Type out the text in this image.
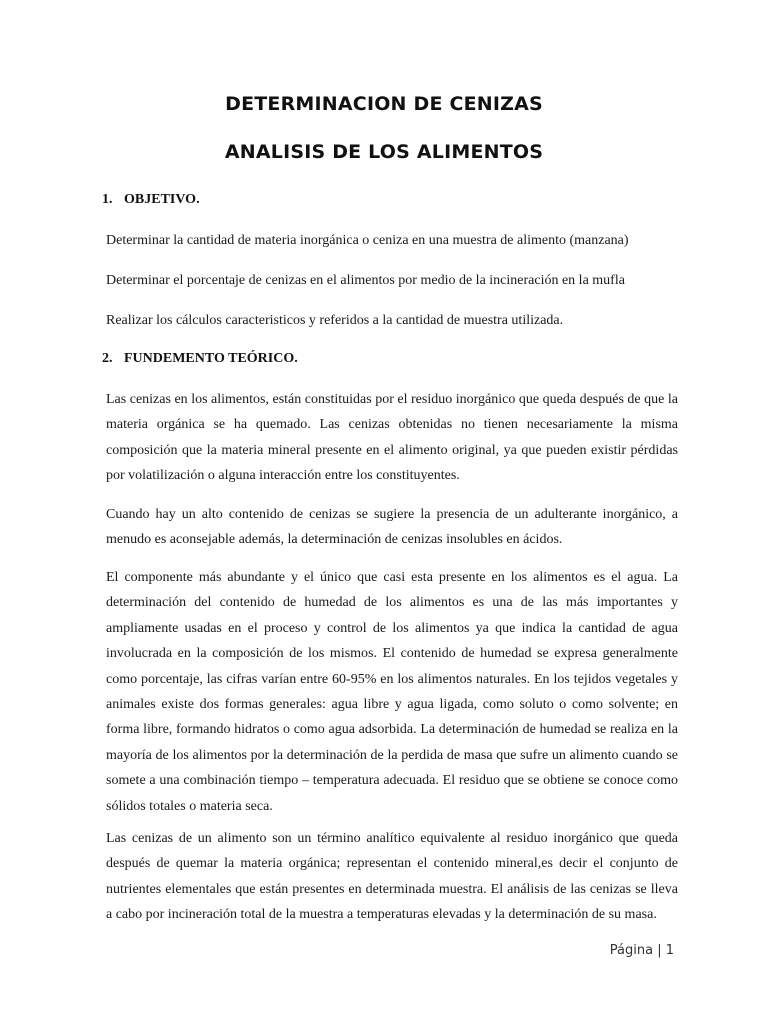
DETERMINACION DE CENIZAS
ANALISIS DE LOS ALIMENTOS
1. OBJETIVO.
Determinar la cantidad de materia inorgánica o ceniza en una muestra de alimento (manzana)
Determinar el porcentaje de cenizas en el alimentos por medio de la incineración en la mufla
Realizar los cálculos caracteristicos y referidos a la cantidad de muestra utilizada.
2. FUNDEMENTO TEÓRICO.
Las cenizas en los alimentos, están constituidas por el residuo inorgánico que queda después de que la materia orgánica se ha quemado. Las cenizas obtenidas no tienen necesariamente la misma composición que la materia mineral presente en el alimento original, ya que pueden existir pérdidas por volatilización o alguna interacción entre los constituyentes.
Cuando hay un alto contenido de cenizas se sugiere la presencia de un adulterante inorgánico, a menudo es aconsejable además, la determinación de cenizas insolubles en ácidos.
El componente más abundante y el único que casi esta presente en los alimentos es el agua. La determinación del contenido de humedad de los alimentos es una de las más importantes y ampliamente usadas en el proceso y control de los alimentos ya que indica la cantidad de agua involucrada en la composición de los mismos. El contenido de humedad se expresa generalmente como porcentaje, las cifras varían entre 60-95% en los alimentos naturales. En los tejidos vegetales y animales existe dos formas generales: agua libre y agua ligada, como soluto o como solvente; en forma libre, formando hidratos o como agua adsorbida. La determinación de humedad se realiza en la mayoría de los alimentos por la determinación de la perdida de masa que sufre un alimento cuando se somete a una combinación tiempo – temperatura adecuada. El residuo que se obtiene se conoce como sólidos totales o materia seca.
Las cenizas de un alimento son un término analítico equivalente al residuo inorgánico que queda después de quemar la materia orgánica; representan el contenido mineral,es decir el conjunto de nutrientes elementales que están presentes en determinada muestra. El análisis de las cenizas se lleva a cabo por incineración total de la muestra a temperaturas elevadas y la determinación de su masa.
Página | 1
